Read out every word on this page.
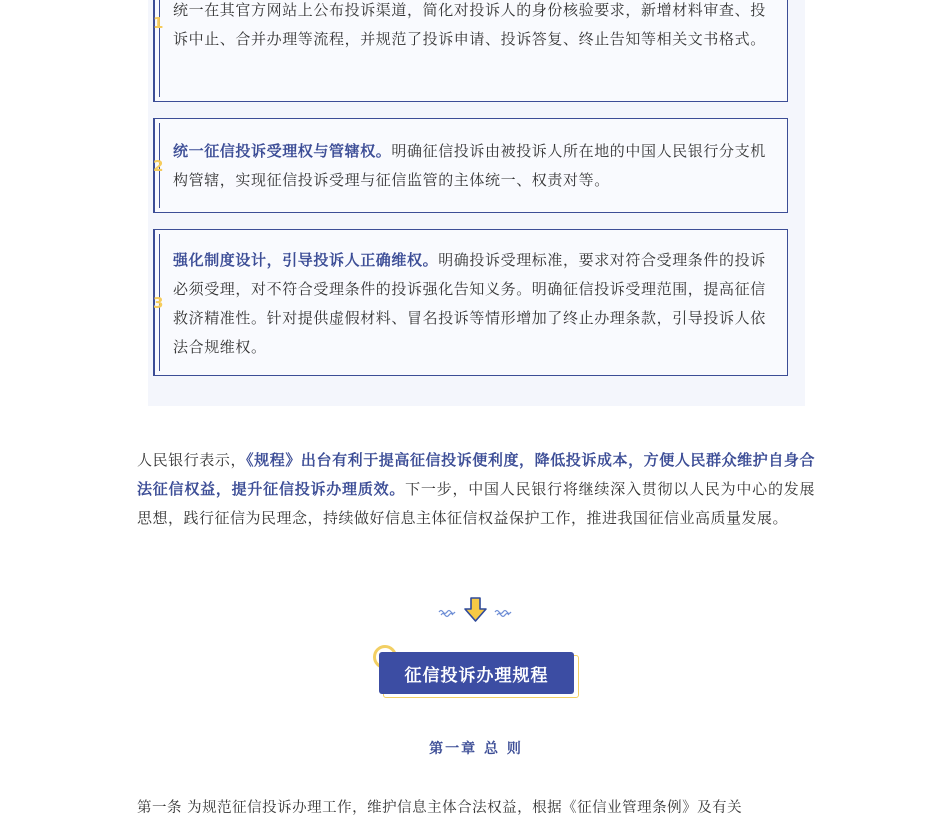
1

统一在其官方网站上公布投诉渠道，简化对投诉人的身份核验要求，新增材料审查、投诉中止、合并办理等流程，并规范了投诉申请、投诉答复、终止告知等相关文书格式。

2

统一征信投诉受理权与管辖权。明确征信投诉由被投诉人所在地的中国人民银行分支机构管辖，实现征信投诉受理与征信监管的主体统一、权责对等。

3

强化制度设计，引导投诉人正确维权。明确投诉受理标准，要求对符合受理条件的投诉必须受理，对不符合受理条件的投诉强化告知义务。明确征信投诉受理范围，提高征信救济精准性。针对提供虚假材料、冒名投诉等情形增加了终止办理条款，引导投诉人依法合规维权。

人民银行表示，《规程》出台有利于提高征信投诉便利度，降低投诉成本，方便人民群众维护自身合法征信权益，提升征信投诉办理质效。下一步，中国人民银行将继续深入贯彻以人民为中心的发展思想，践行征信为民理念，持续做好信息主体征信权益保护工作，推进我国征信业高质量发展。

征信投诉办理规程
第一章 总 则

第一条 为规范征信投诉办理工作，维护信息主体合法权益，根据《征信业管理条例》及有关
